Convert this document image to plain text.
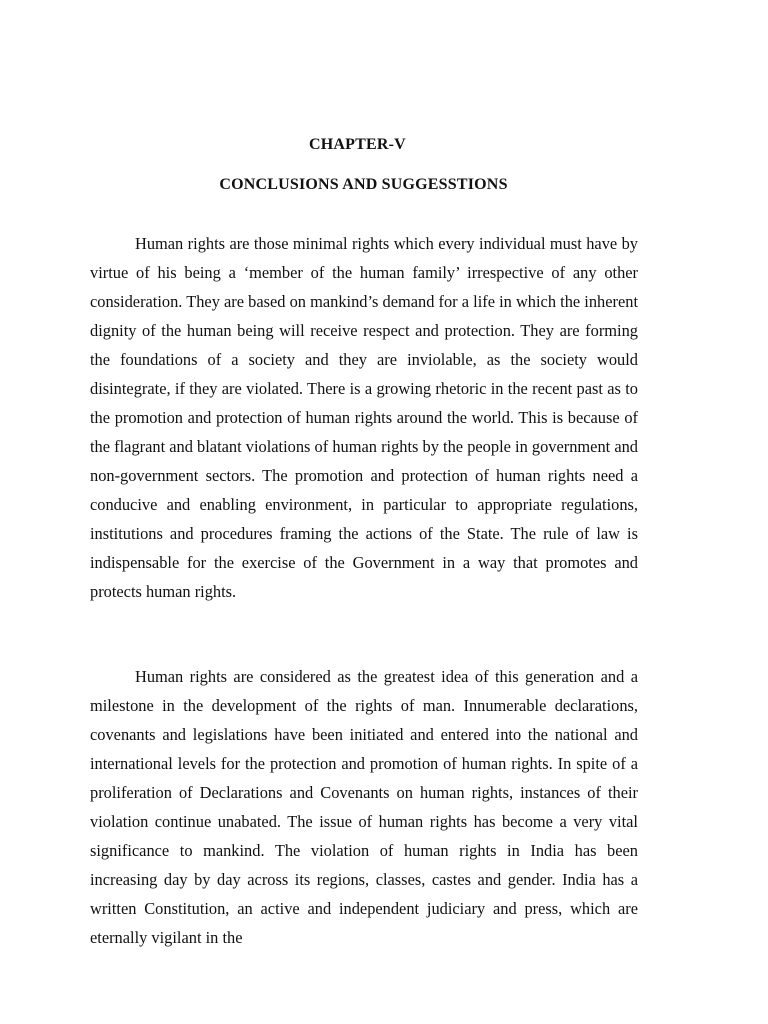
CHAPTER-V
CONCLUSIONS AND SUGGESSTIONS

Human rights are those minimal rights which every individual must have by virtue of his being a ‘member of the human family’ irrespective of any other consideration. They are based on mankind’s demand for a life in which the inherent dignity of the human being will receive respect and protection. They are forming the foundations of a society and they are inviolable, as the society would disintegrate, if they are violated. There is a growing rhetoric in the recent past as to the promotion and protection of human rights around the world. This is because of the flagrant and blatant violations of human rights by the people in government and non-government sectors. The promotion and protection of human rights need a conducive and enabling environment, in particular to appropriate regulations, institutions and procedures framing the actions of the State. The rule of law is indispensable for the exercise of the Government in a way that promotes and protects human rights.

Human rights are considered as the greatest idea of this generation and a milestone in the development of the rights of man. Innumerable declarations, covenants and legislations have been initiated and entered into the national and international levels for the protection and promotion of human rights. In spite of a proliferation of Declarations and Covenants on human rights, instances of their violation continue unabated. The issue of human rights has become a very vital significance to mankind. The violation of human rights in India has been increasing day by day across its regions, classes, castes and gender. India has a written Constitution, an active and independent judiciary and press, which are eternally vigilant in the
